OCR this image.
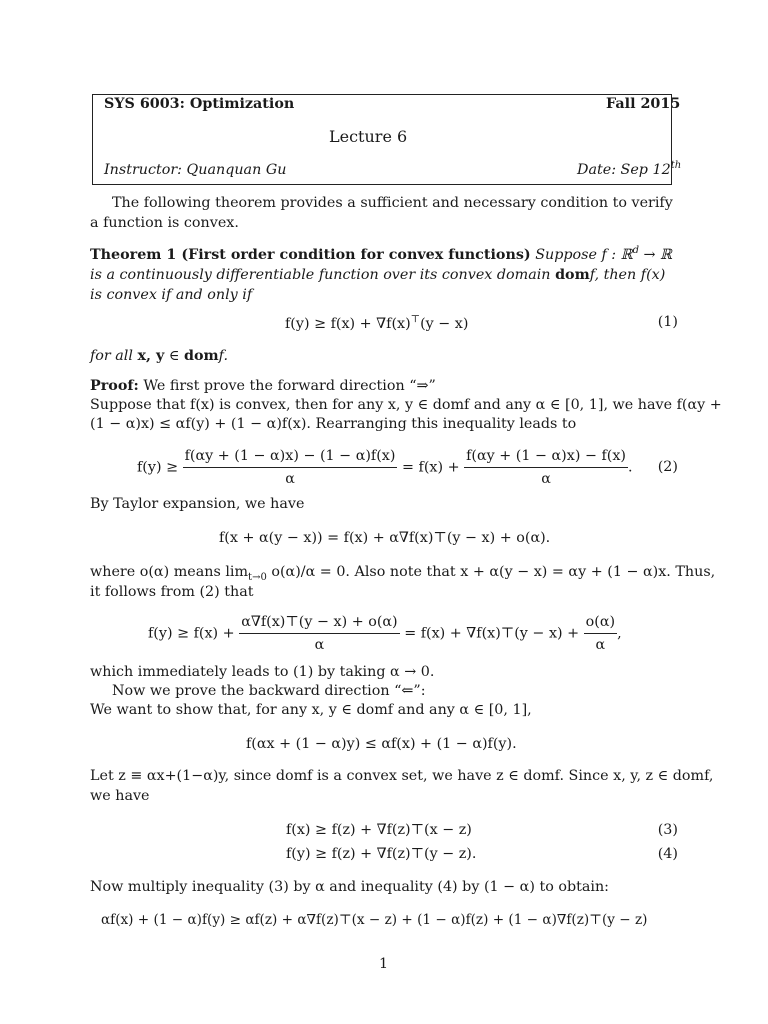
SYS 6003: Optimization	Fall 2015
Lecture 6
Instructor: Quanquan Gu	Date: Sep 12th
The following theorem provides a sufficient and necessary condition to verify a function is convex.
Theorem 1 (First order condition for convex functions) Suppose f : ℝ$^d$ → ℝ is a continuously differentiable function over its convex domain domf, then f(x) is convex if and only if
f(y) ≥ f(x) + ∇f(x)⊤(y − x)	(1)
for all x, y ∈ domf.
Proof: We first prove the forward direction “⇒”
Suppose that f(x) is convex, then for any x, y ∈ domf and any α ∈ [0, 1], we have f(αy +
(1 − α)x) ≤ αf(y) + (1 − α)f(x). Rearranging this inequality leads to
$f(y) \ge \frac{f(\alpha y + (1 - \alpha)x) - (1 - \alpha)f(x)}{\alpha} = f(x) + \frac{f(\alpha y + (1 - \alpha)x) - f(x)}{\alpha}$ . (2)
By Taylor expansion, we have
f(x + α(y − x)) = f(x) + α∇f(x)⊤(y − x) + o(α).
where o(α) means $\lim_{t\to 0} o(\alpha)/\alpha = 0$. Also note that x + α(y − x) = αy + (1 − α)x. Thus,
it follows from (2) that
$f(y) \ge f(x) + \frac{\alpha\nabla f(x)⊤(y - x) + o(\alpha)}{\alpha} = f(x)$ + ∇f(x)⊤(y − $x) + \frac{o(\alpha)}{\alpha}$ ,
which immediately leads to (1) by taking α → 0.
Now we prove the backward direction “⇐”:
We want to show that, for any x, y ∈ domf and any α ∈ [0, 1],
f(αx + (1 − α)y) ≤ αf(x) + (1 − α)f(y).
Let z ≡ αx+(1−α)y, since domf is a convex set, we have z ∈ domf. Since x, y, z ∈ domf,
we have
f(x) ≥ f(z) + ∇f(z)⊤(x − z)	(3)
f(y) ≥ f(z) + ∇f(z)⊤(y − z).	(4)
Now multiply inequality (3) by α and inequality (4) by (1 − α) to obtain:
αf(x) + (1 − α)f(y) ≥ αf(z) + α∇f(z)⊤(x − z) + (1 − α)f(z) + (1 − α)∇f(z)⊤(y − z)
1
